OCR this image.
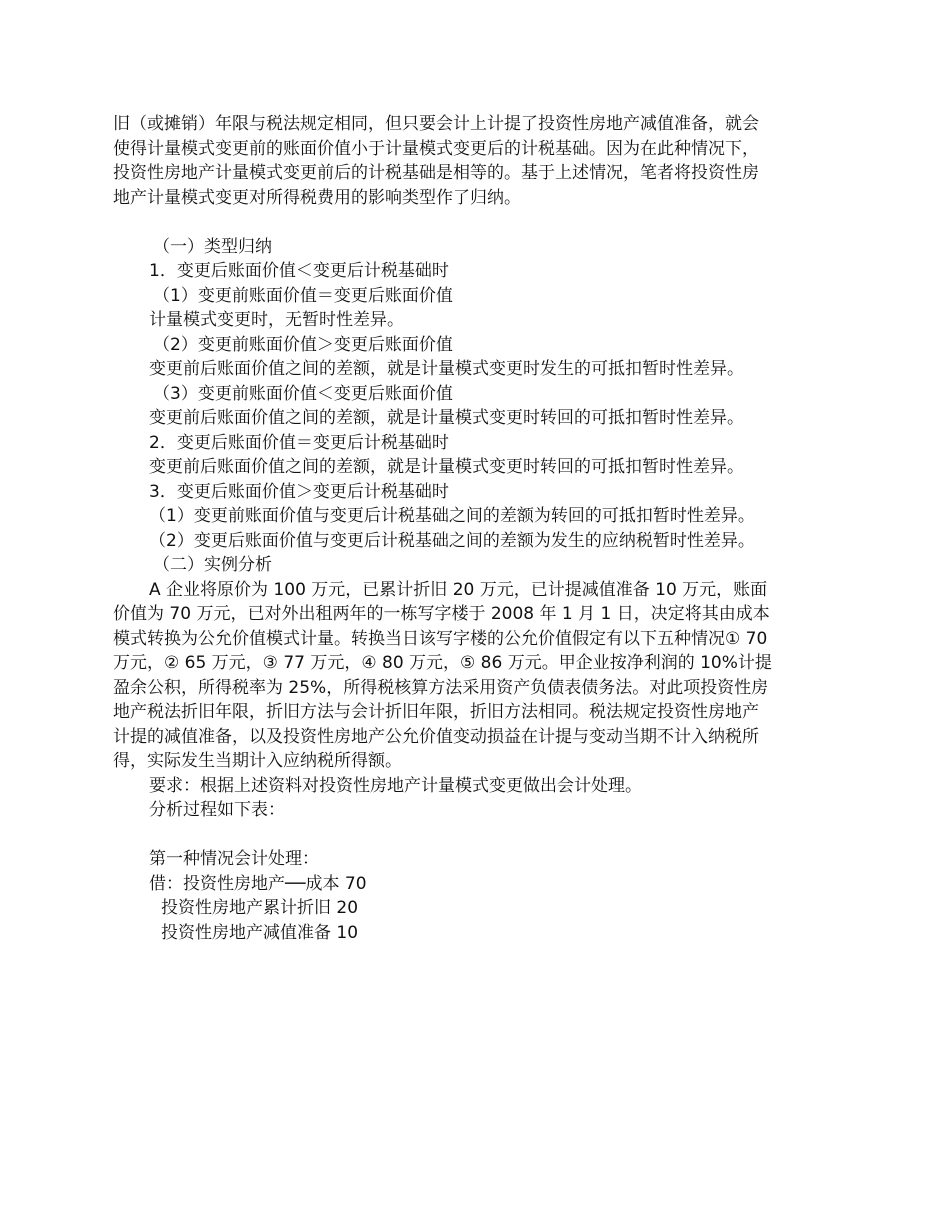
旧（或摊销）年限与税法规定相同，但只要会计上计提了投资性房地产减值准备，就会使得计量模式变更前的账面价值小于计量模式变更后的计税基础。因为在此种情况下，投资性房地产计量模式变更前后的计税基础是相等的。基于上述情况，笔者将投资性房地产计量模式变更对所得税费用的影响类型作了归纳。

（一）类型归纳

1．变更后账面价值＜变更后计税基础时

（1）变更前账面价值＝变更后账面价值

计量模式变更时，无暂时性差异。

（2）变更前账面价值＞变更后账面价值

变更前后账面价值之间的差额，就是计量模式变更时发生的可抵扣暂时性差异。

（3）变更前账面价值＜变更后账面价值

变更前后账面价值之间的差额，就是计量模式变更时转回的可抵扣暂时性差异。

2．变更后账面价值＝变更后计税基础时

变更前后账面价值之间的差额，就是计量模式变更时转回的可抵扣暂时性差异。

3．变更后账面价值＞变更后计税基础时

（1）变更前账面价值与变更后计税基础之间的差额为转回的可抵扣暂时性差异。

（2）变更后账面价值与变更后计税基础之间的差额为发生的应纳税暂时性差异。

（二）实例分析

A 企业将原价为 100 万元，已累计折旧 20 万元，已计提减值准备 10 万元，账面价值为 70 万元，已对外出租两年的一栋写字楼于 2008 年 1 月 1 日，决定将其由成本模式转换为公允价值模式计量。转换当日该写字楼的公允价值假定有以下五种情况① 70 万元，② 65 万元，③ 77 万元，④ 80 万元，⑤ 86 万元。甲企业按净利润的 10%计提盈余公积，所得税率为 25%，所得税核算方法采用资产负债表债务法。对此项投资性房地产税法折旧年限，折旧方法与会计折旧年限，折旧方法相同。税法规定投资性房地产计提的减值准备，以及投资性房地产公允价值变动损益在计提与变动当期不计入纳税所得，实际发生当期计入应纳税所得额。

要求：根据上述资料对投资性房地产计量模式变更做出会计处理。

分析过程如下表：

第一种情况会计处理：

借：投资性房地产──成本 70

投资性房地产累计折旧 20

投资性房地产减值准备 10
